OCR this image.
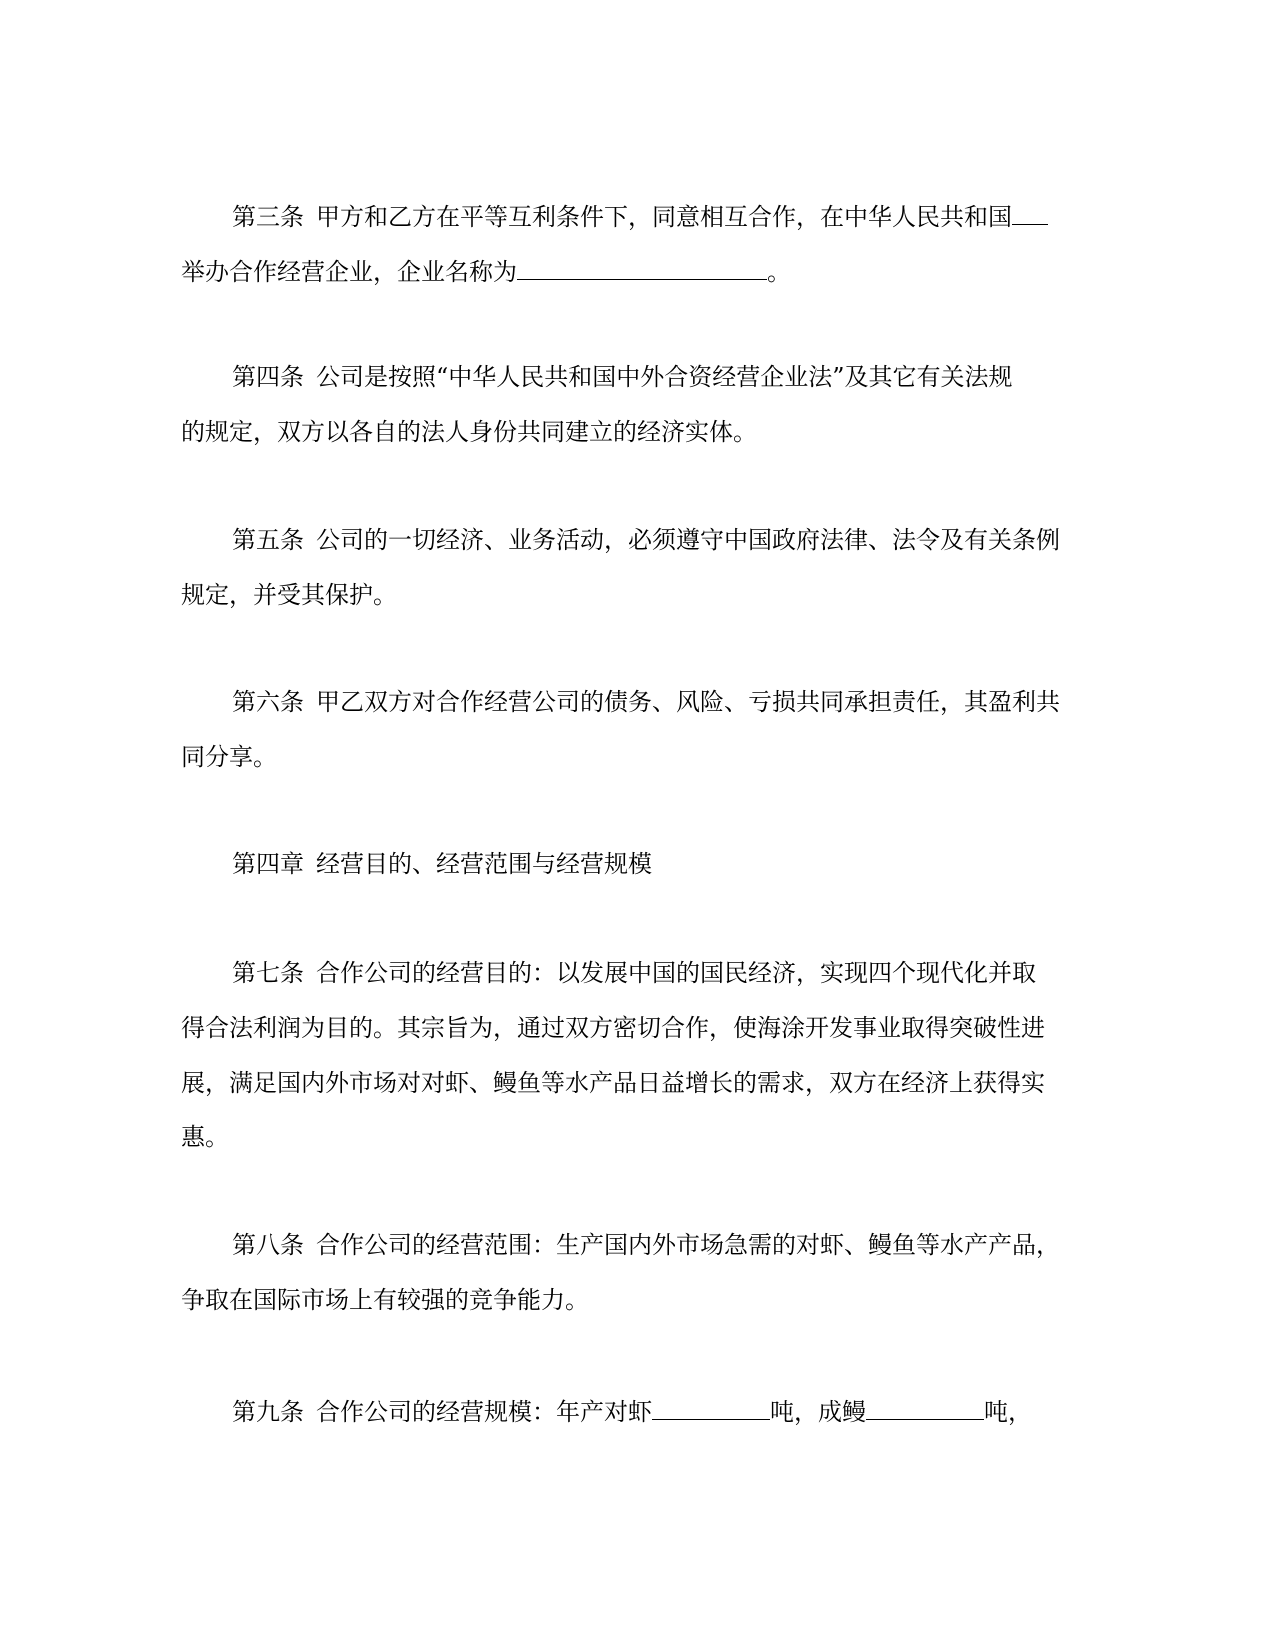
第三条 甲方和乙方在平等互利条件下，同意相互合作，在中华人民共和国
举办合作经营企业，企业名称为	。
第四条 公司是按照“中华人民共和国中外合资经营企业法”及其它有关法规
的规定，双方以各自的法人身份共同建立的经济实体。
第五条 公司的一切经济、业务活动，必须遵守中国政府法律、法令及有关条例
规定，并受其保护。
第六条 甲乙双方对合作经营公司的债务、风险、亏损共同承担责任，其盈利共
同分享。
第四章 经营目的、经营范围与经营规模
第七条 合作公司的经营目的：以发展中国的国民经济，实现四个现代化并取
得合法利润为目的。其宗旨为，通过双方密切合作，使海涂开发事业取得突破性进
展，满足国内外市场对对虾、鳗鱼等水产品日益增长的需求，双方在经济上获得实
惠。
第八条 合作公司的经营范围：生产国内外市场急需的对虾、鳗鱼等水产产品，
争取在国际市场上有较强的竞争能力。
第九条 合作公司的经营规模：年产对虾	吨，成鳗	吨，
